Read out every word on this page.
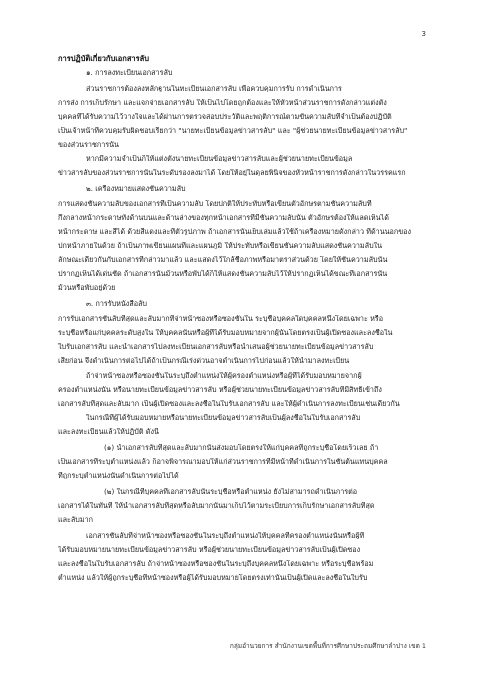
3
การปฏิบัติเกี่ยวกับเอกสารลับ
๑. การลงทะเบียนเอกสารลับ
ส่วนราชการต้องลงหลักฐานในทะเบียนเอกสารลับ เพื่อควบคุมการรับ การดำเนินการ
การส่ง การเก็บรักษา และแจกจ่ายเอกสารลับ ให้เป็นไปโดยถูกต้องและให้หัวหน้าส่วนราชการดังกล่าวแต่งตั้ง
บุคคลที่ได้รับความไว้วางใจและได้ผ่านการตรวจสอบประวัติและพฤติการณ์ตามขั้นความลับที่จำเป็นต้องปฏิบัติ
เป็นเจ้าหน้าที่ควบคุมรับผิดชอบเรียกว่า "นายทะเบียนข้อมูลข่าวสารลับ" และ "ผู้ช่วยนายทะเบียนข้อมูลข่าวสารลับ"
ของส่วนราชการนั้น
หากมีความจำเป็นก็ให้แต่งตั้งนายทะเบียนข้อมูลข่าวสารลับและผู้ช่วยนายทะเบียนข้อมูล
ข่าวสารลับของส่วนราชการนั้นในระดับรองลงมาได้ โดยให้อยู่ในดุลยพินิจของหัวหน้าราชการดังกล่าวในวรรคแรก
๒. เครื่องหมายแสดงชั้นความลับ
การแสดงชั้นความลับของเอกสารที่เป็นความลับ โดยปกติให้ประทับหรือเขียนตัวอักษรตามชั้นความลับที่
กึ่งกลางหน้ากระดาษทั้งด้านบนและด้านล่างของทุกหน้าเอกสารที่มีชั้นความลับนั้น ตัวอักษรต้องให้แลดเห็นได้
หน้ากระดาษ และสีได้ ด้วยสีแดงและที่ตัวรูปภาพ ถ้าเอกสารนั้นเย็บเล่มแล้วใช้ถ้าเครื่องหมายดังกล่าว ที่ด้านนอกของ
ปกหน้าภายในด้วย ถ้าเป็นภาพเขียนแผนที่และแผนภูมิ ให้ประทับหรือเขียนชั้นความลับแสดงชั้นความลับใน
ลักษณะเดียวกันกับเอกสารที่กล่าวมาแล้ว และแสดงไว้ใกล้ชื่อภาพหรือมาตราส่วนด้วย โดยให้ชั้นความลับนั้น
ปรากฏเห็นได้เด่นชัด ถ้าเอกสารนั้นม้วนหรือพับได้ก็ให้แสดงชั้นความลับไว้ให้ปรากฏเห็นได้ขณะที่เอกสารนั้น
ม้วนหรือพับอยู่ด้วย
๓. การรับหนังสือลับ
การรับเอกสารชั้นลับที่สุดและลับมากที่จ่าหน้าซองหรือซองชั้นใน ระบุชื่อบุคคลใดบุคคลหนึ่งโดยเฉพาะ หรือ
ระบุชื่อหรือแก่บุคคลระดับสูงใน ให้บุคคลนั้นหรือผู้ที่ได้รับมอบหมายจากผู้นั้นโดยตรงเป็นผู้เปิดซองและลงชื่อใน
ใบรับเอกสารลับ และนำเอกสารไปลงทะเบียนเอกสารลับหรือนำเสนอผู้ช่วยนายทะเบียนข้อมูลข่าวสารลับ
เสียก่อน จึงดำเนินการต่อไปได้ถ้าเป็นกรณีเร่งด่วนอาจดำเนินการไปก่อนแล้วให้นำมาลงทะเบียน
ถ้าจ่าหน้าซองหรือซองชั้นในระบุถึงตำแหน่งให้ผู้ครองตำแหน่งหรือผู้ที่ได้รับมอบหมายจากผู้
ครองตำแหน่งนั้น หรือนายทะเบียนข้อมูลข่าวสารลับ หรือผู้ช่วยนายทะเบียนข้อมูลข่าวสารลับที่มีสิทธิ์เข้าถึง
เอกสารลับที่สุดและลับมาก เป็นผู้เปิดซองและลงชื่อในใบรับเอกสารลับ และให้ผู้ดำเนินการลงทะเบียนเช่นเดียวกัน
ในกรณีที่ผู้ได้รับมอบหมายหรือนายทะเบียนข้อมูลข่าวสารลับเป็นผู้ลงชื่อในใบรับเอกสารลับ
และลงทะเบียนแล้วให้ปฏิบัติ ดังนี้
(๑) นำเอกสารลับที่สุดและลับมากนั้นส่งมอบโดยตรงให้แก่บุคคลที่ถูกระบุชื่อโดยเร็วเลย ถ้า
เป็นเอกสารที่ระบุตำแหน่งแล้ว ก็อาจพิจารณามอบให้แก่ส่วนราชการที่มีหน้าที่ดำเนินการในชั้นต้นแทนบุคคล
ที่ถูกระบุตำแหน่งนั้นดำเนินการต่อไปได้
(๒) ในกรณีที่บุคคลที่เอกสารลับนั้นระบุชื่อหรือตำแหน่ง ยังไม่สามารถดำเนินการต่อ
เอกสารได้ในทันที ให้นำเอกสารลับที่สุดหรือลับมากนั้นมาเก็บไว้ตามระเบียบการเก็บรักษาเอกสารลับที่สุด
และลับมาก
เอกสารชั้นลับที่จ่าหน้าซองหรือซองชั้นในระบุถึงตำแหน่งให้บุคคลที่ครองตำแหน่งนั้นหรือผู้ที่
ได้รับมอบหมายนายทะเบียนข้อมูลข่าวสารลับ หรือผู้ช่วยนายทะเบียนข้อมูลข่าวสารลับเป็นผู้เปิดซอง
และลงชื่อในใบรับเอกสารลับ ถ้าจ่าหน้าซองหรือซองชั้นในระบุถึงบุคคลหนึ่งโดยเฉพาะ หรือระบุชื่อพร้อม
ตำแหน่ง แล้วให้ผู้ถูกระบุชื่อที่หน้าซองหรือผู้ได้รับมอบหมายโดยตรงเท่านั้นเป็นผู้เปิดและลงชื่อในใบรับ
กลุ่มอำนวยการ สำนักงานเขตพื้นที่การศึกษาประถมศึกษาลำปาง เขต 1
